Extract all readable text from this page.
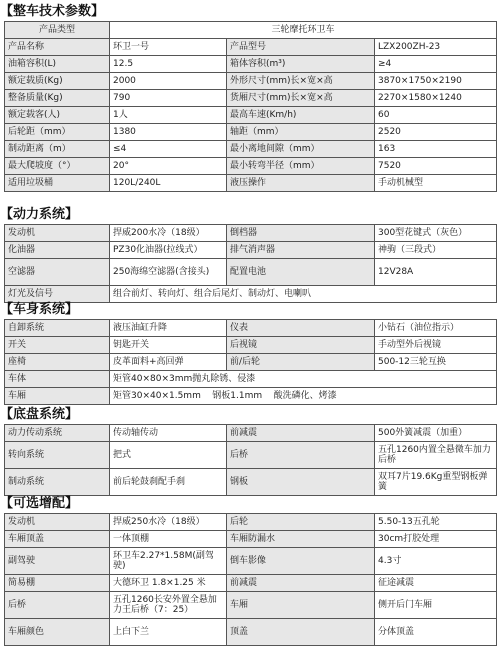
【整车技术参数】
产品类型	三轮摩托环卫车		
产品名称	环卫一号	产品型号	LZX200ZH-23
油箱容积(L)	12.5	箱体容积(m³)	≥4
额定载质(Kg)	2000	外形尺寸(mm)长×宽×高	3870×1750×2190
整备质量(Kg)	790	货厢尺寸(mm)长×宽×高	2270×1580×1240
额定载客(人)	1人	最高车速(Km/h)	60
后轮距（mm）	1380	轴距（mm）	2520
制动距离（m）	≤4	最小离地间隙（mm）	163
最大爬坡度（°）	20°	最小转弯半径（mm）	7520
适用垃圾桶	120L/240L	液压操作	手动机械型
【动力系统】
发动机	捍威200水冷（18级）	倒档器	300型花键式（灰色）
化油器	PZ30化油器(拉线式）	排气消声器	神驹（三段式）
空滤器	250海绵空滤器(含接头)	配置电池	12V28A
灯光及信号	组合前灯、转向灯、组合后尾灯、制动灯、电喇叭		
【车身系统】
自卸系统	液压油缸升降	仪表	小钻石（油位指示）
开关	钥匙开关	后视镜	手动型外后视镜
座椅	皮革面料+高回弹	前/后轮	500-12三轮互换
车体	矩管40×80×3mm抛丸除锈、侵漆		
车厢	矩管30×40×1.5mm    钢板1.1mm    酸洗磷化、烤漆		
【底盘系统】
动力传动系统	传动轴传动	前减震	500外簧减震（加重）
转向系统	把式	后桥	五孔1260内置全悬微车加力后桥
制动系统	前后轮鼓刹配手刹	钢板	双耳7片19.6Kg重型钢板弹簧
【可选增配】
发动机	捍威250水冷（18级）	后轮	5.50-13五孔轮
车厢顶盖	一体顶棚	车厢防漏水	30cm打胶处理
副驾驶	环卫车2.27*1.58M(副驾驶)	倒车影像	4.3寸
简易棚	大德环卫 1.8×1.25 米	前减震	征途减震
后桥	五孔1260长安外置全悬加力王后桥（7：25）	车厢	侧开后门车厢
车厢颜色	上白下兰	顶盖	分体顶盖
